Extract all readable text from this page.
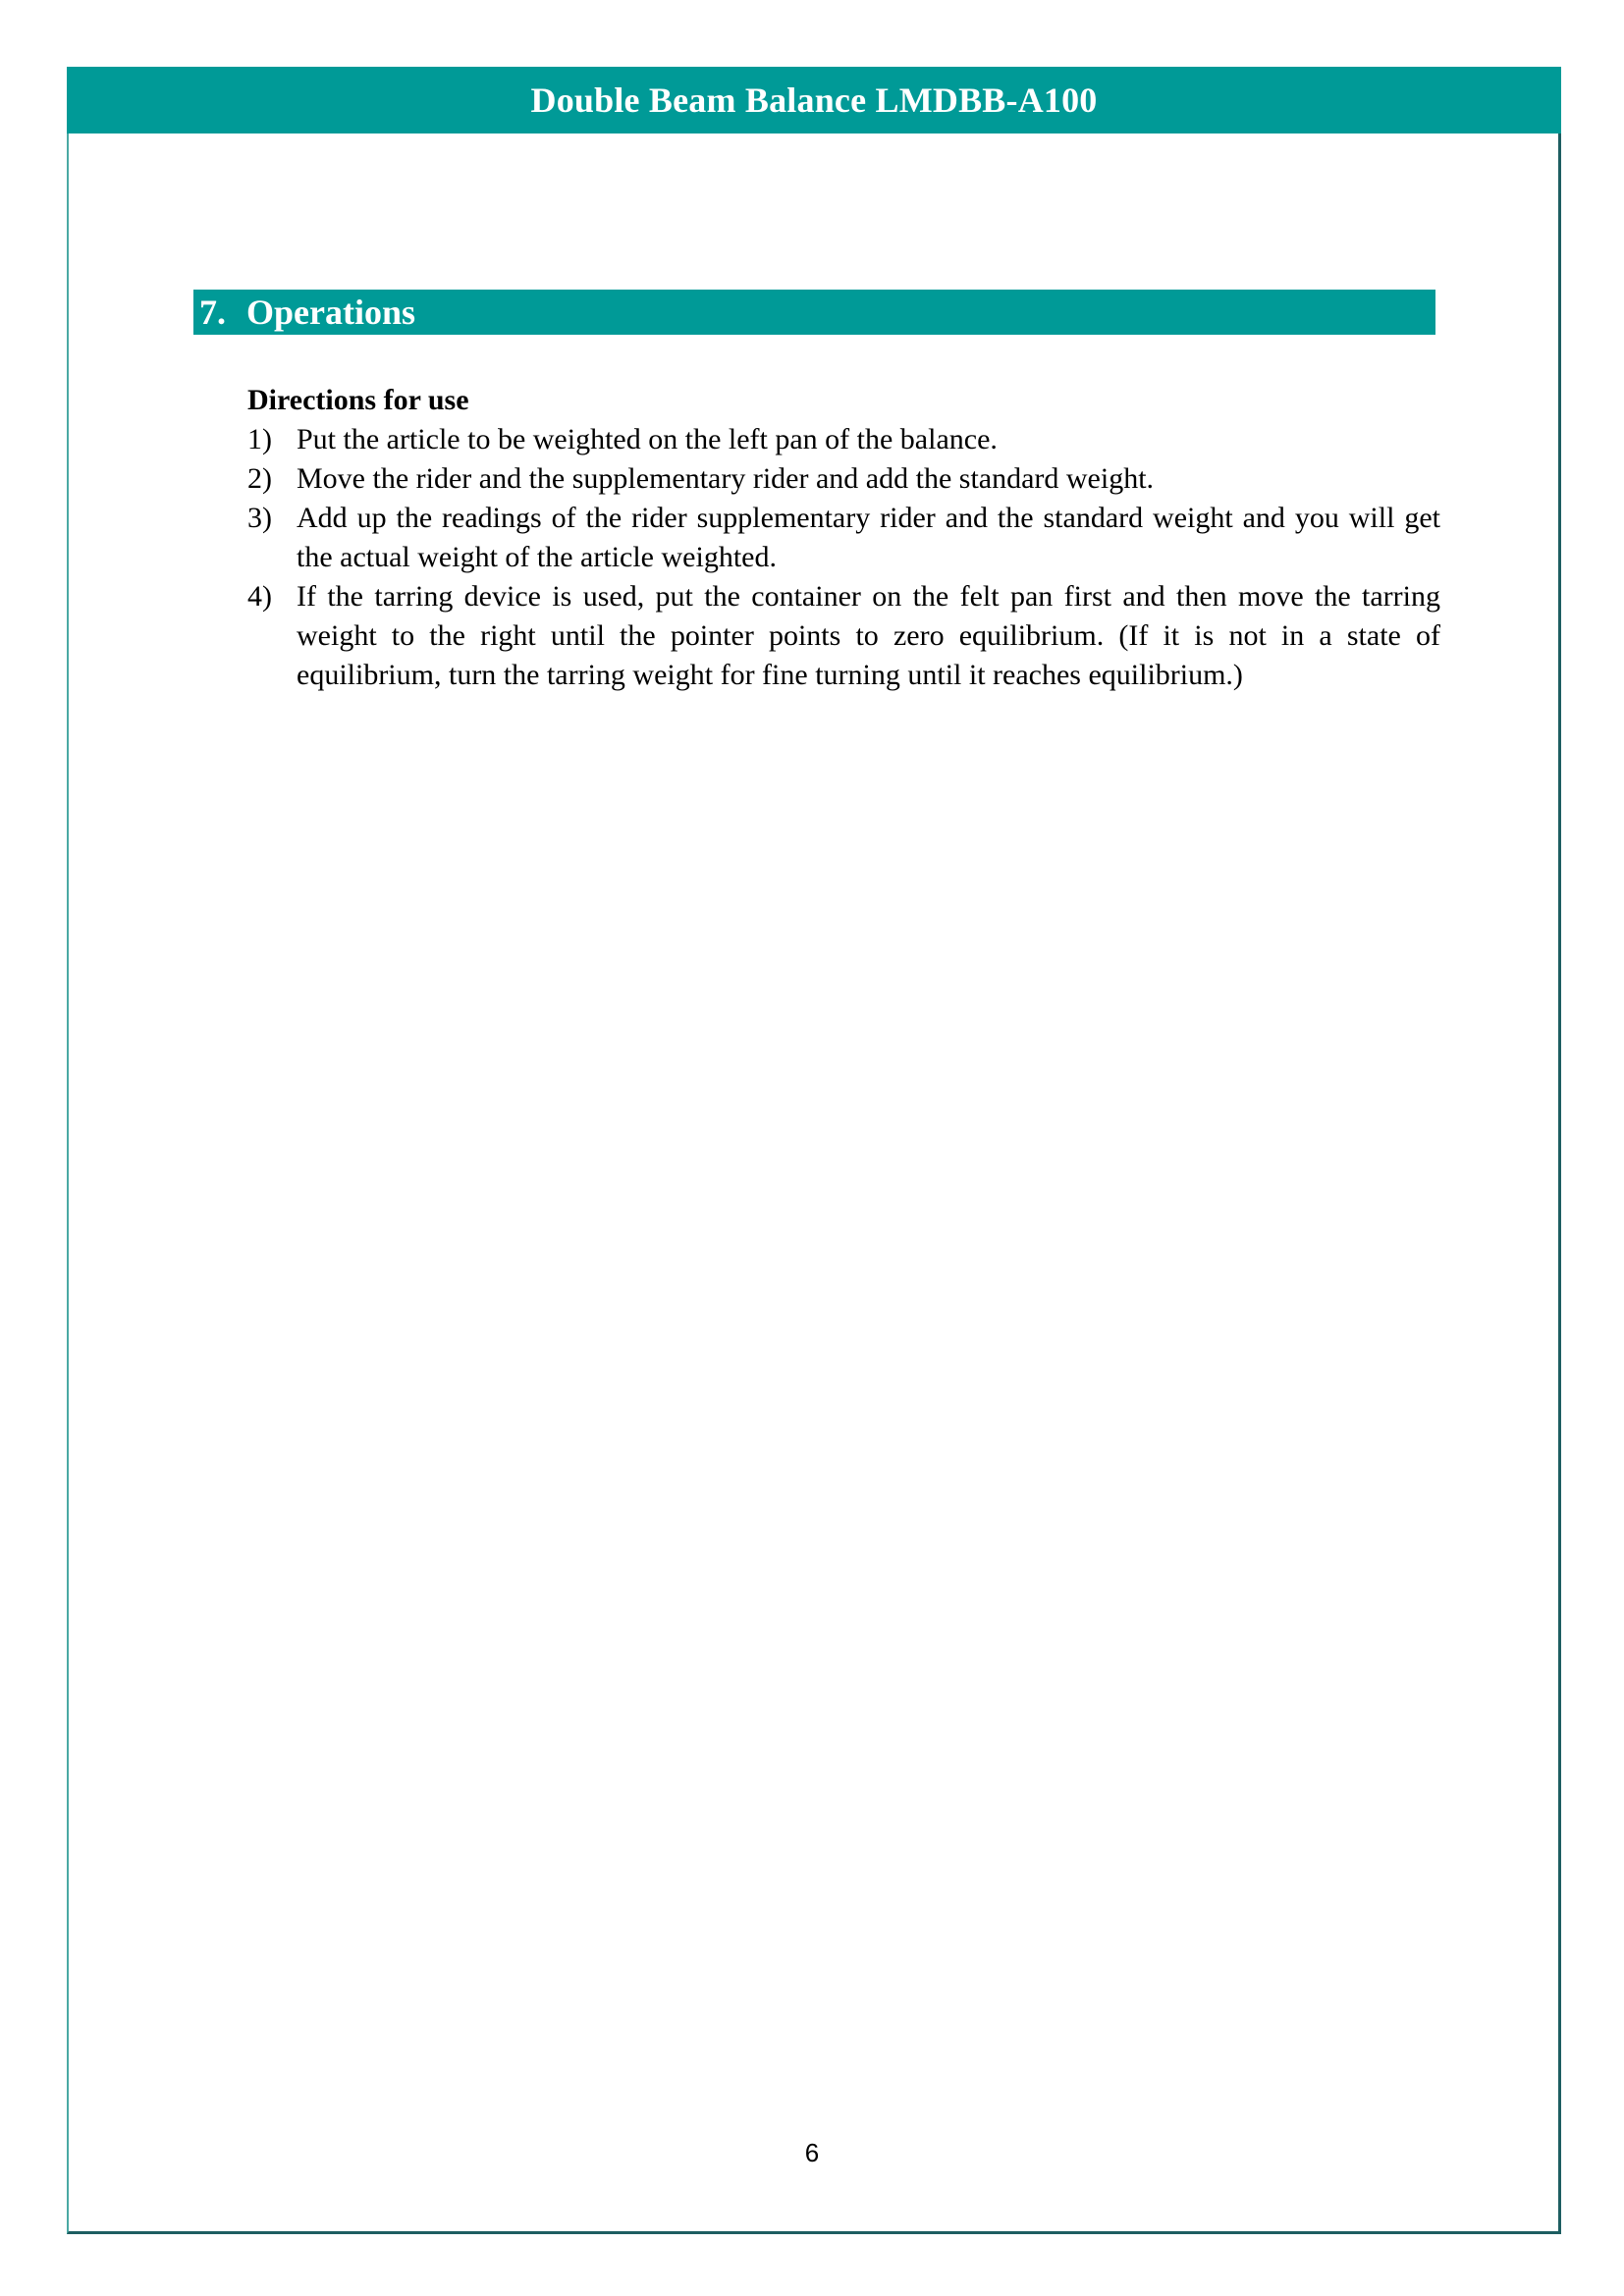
Double Beam Balance LMDBB-A100
7. Operations

Directions for use

1) Put the article to be weighted on the left pan of the balance.
2) Move the rider and the supplementary rider and add the standard weight.
3) Add up the readings of the rider supplementary rider and the standard weight and you will get the actual weight of the article weighted.
4) If the tarring device is used, put the container on the felt pan first and then move the tarring weight to the right until the pointer points to zero equilibrium. (If it is not in a state of equilibrium, turn the tarring weight for fine turning until it reaches equilibrium.)
6
